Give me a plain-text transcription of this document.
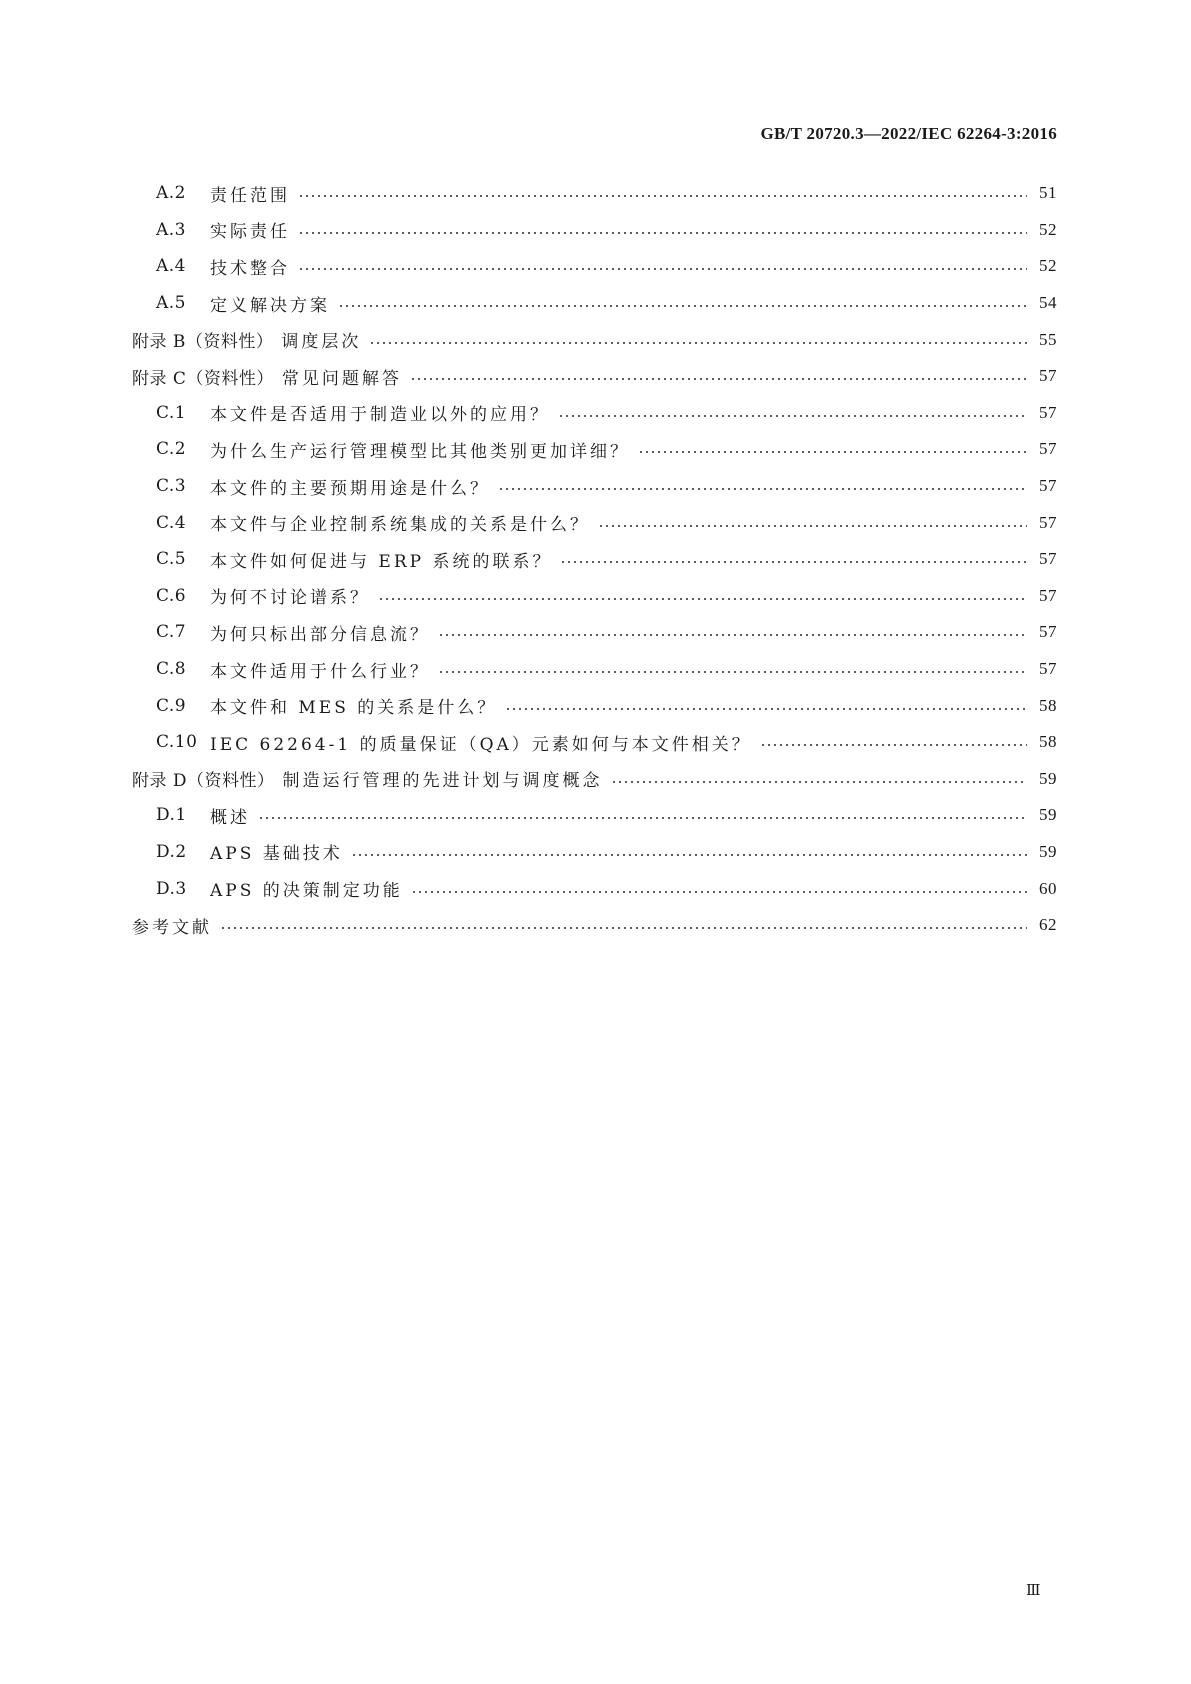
GB/T 20720.3—2022/IEC 62264-3:2016
A.2	责任范围	51
A.3	实际责任	52
A.4	技术整合	52
A.5	定义解决方案	54
附录 B（资料性） 调度层次	55
附录 C（资料性） 常见问题解答	57
C.1	本文件是否适用于制造业以外的应用？	57
C.2	为什么生产运行管理模型比其他类别更加详细？	57
C.3	本文件的主要预期用途是什么？	57
C.4	本文件与企业控制系统集成的关系是什么？	57
C.5	本文件如何促进与 ERP 系统的联系？	57
C.6	为何不讨论谱系？	57
C.7	为何只标出部分信息流？	57
C.8	本文件适用于什么行业？	57
C.9	本文件和 MES 的关系是什么？	58
C.10 IEC 62264-1 的质量保证（QA）元素如何与本文件相关？	58
附录 D（资料性） 制造运行管理的先进计划与调度概念	59
D.1	概述	59
D.2	APS 基础技术	59
D.3	APS 的决策制定功能	60
参考文献	62
Ⅲ
